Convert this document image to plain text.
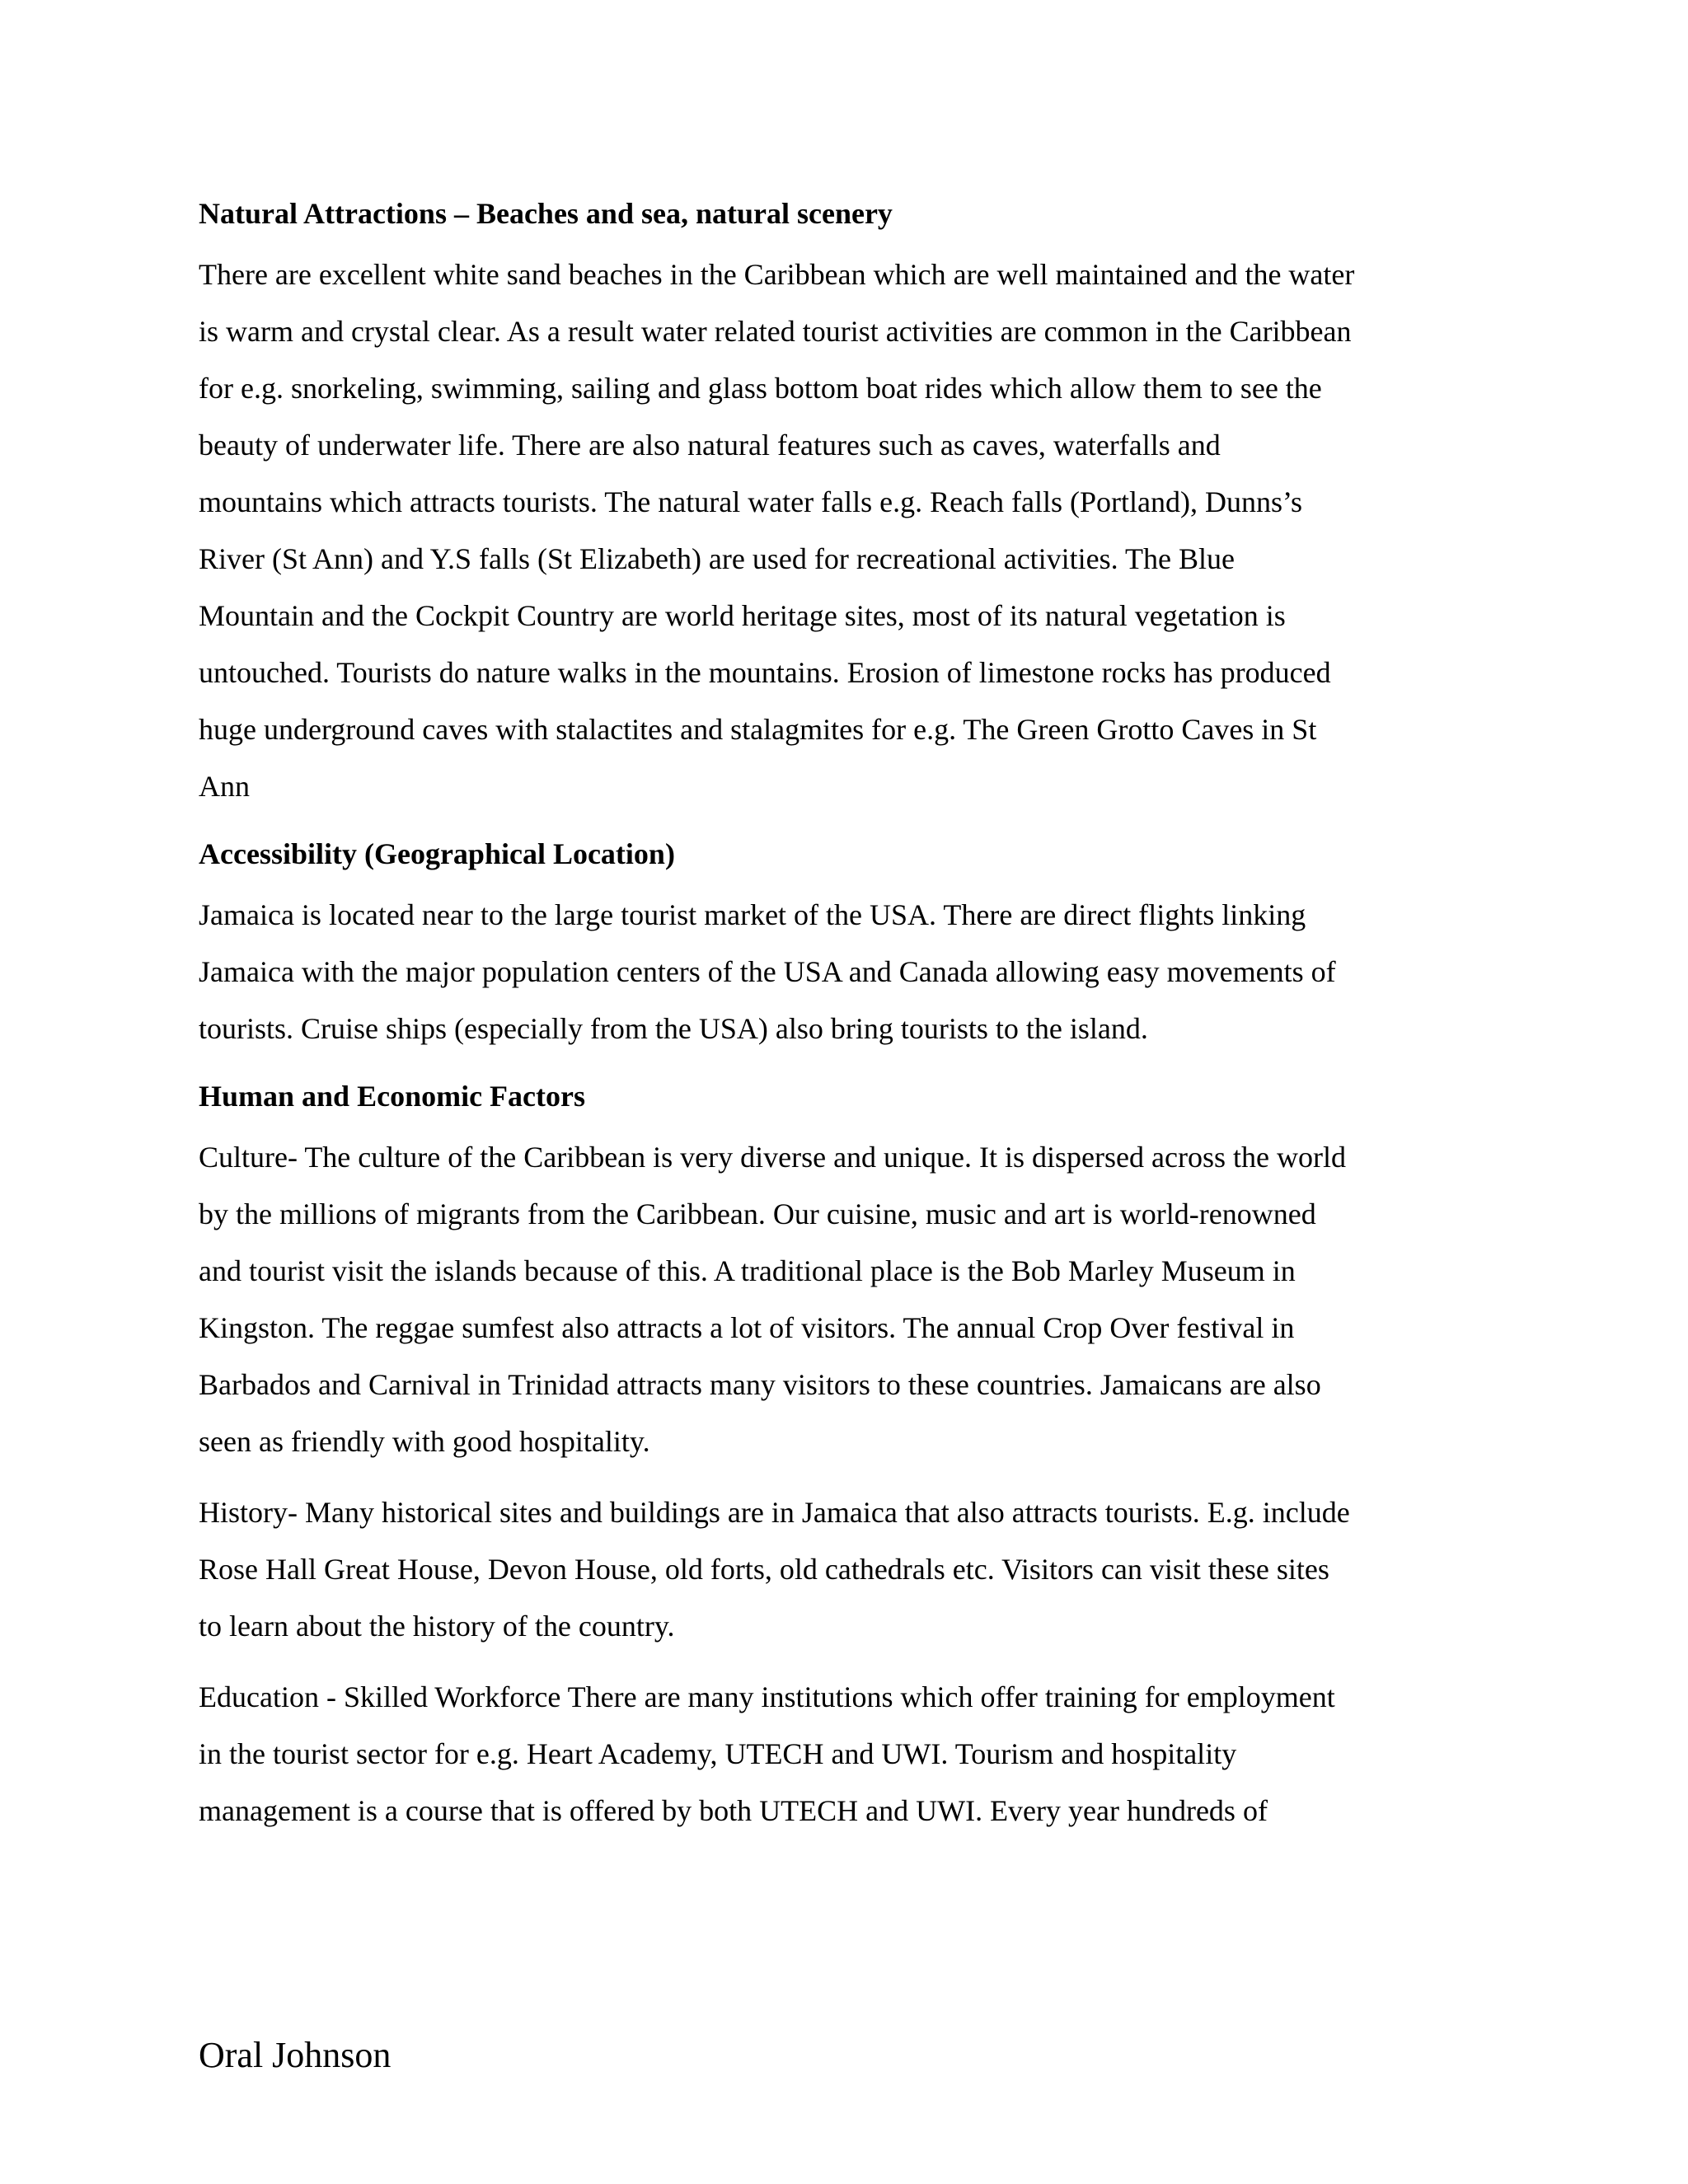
Natural Attractions – Beaches and sea, natural scenery
There are excellent white sand beaches in the Caribbean which are well maintained and the water
is warm and crystal clear. As a result water related tourist activities are common in the Caribbean
for e.g. snorkeling, swimming, sailing and glass bottom boat rides which allow them to see the
beauty of underwater life. There are also natural features such as caves, waterfalls and
mountains which attracts tourists. The natural water falls e.g. Reach falls (Portland), Dunns’s
River (St Ann) and Y.S falls (St Elizabeth) are used for recreational activities. The Blue
Mountain and the Cockpit Country are world heritage sites, most of its natural vegetation is
untouched. Tourists do nature walks in the mountains. Erosion of limestone rocks has produced
huge underground caves with stalactites and stalagmites for e.g. The Green Grotto Caves in St
Ann
Accessibility (Geographical Location)
Jamaica is located near to the large tourist market of the USA. There are direct flights linking
Jamaica with the major population centers of the USA and Canada allowing easy movements of
tourists. Cruise ships (especially from the USA) also bring tourists to the island.
Human and Economic Factors
Culture- The culture of the Caribbean is very diverse and unique. It is dispersed across the world
by the millions of migrants from the Caribbean. Our cuisine, music and art is world-renowned
and tourist visit the islands because of this. A traditional place is the Bob Marley Museum in
Kingston. The reggae sumfest also attracts a lot of visitors. The annual Crop Over festival in
Barbados and Carnival in Trinidad attracts many visitors to these countries. Jamaicans are also
seen as friendly with good hospitality.
History- Many historical sites and buildings are in Jamaica that also attracts tourists. E.g. include
Rose Hall Great House, Devon House, old forts, old cathedrals etc. Visitors can visit these sites
to learn about the history of the country.
Education - Skilled Workforce There are many institutions which offer training for employment
in the tourist sector for e.g. Heart Academy, UTECH and UWI. Tourism and hospitality
management is a course that is offered by both UTECH and UWI. Every year hundreds of
Oral Johnson
